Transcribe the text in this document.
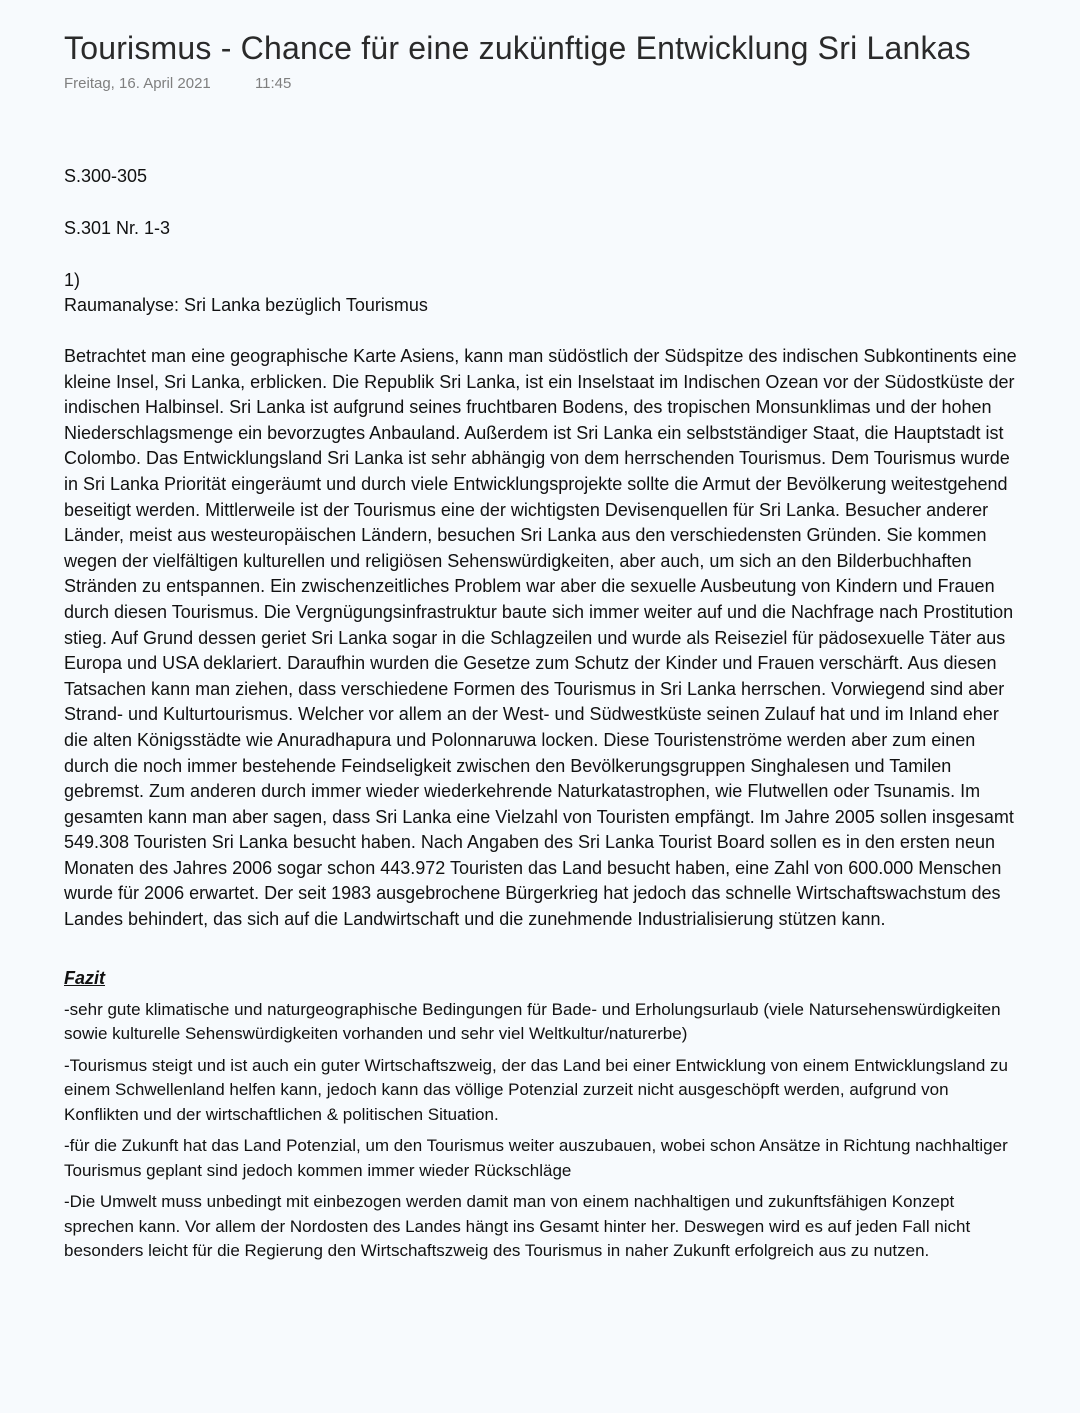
Tourismus - Chance für eine zukünftige Entwicklung Sri Lankas
Freitag, 16. April 2021	11:45

S.300-305

S.301 Nr. 1-3

1)

Raumanalyse: Sri Lanka bezüglich Tourismus

Betrachtet man eine geographische Karte Asiens, kann man südöstlich der Südspitze des indischen Subkontinents eine kleine Insel, Sri Lanka, erblicken. Die Republik Sri Lanka, ist ein Inselstaat im Indischen Ozean vor der Südostküste der indischen Halbinsel. Sri Lanka ist aufgrund seines fruchtbaren Bodens, des tropischen Monsunklimas und der hohen Niederschlagsmenge ein bevorzugtes Anbauland. Außerdem ist Sri Lanka ein selbstständiger Staat, die Hauptstadt ist Colombo. Das Entwicklungsland Sri Lanka ist sehr abhängig von dem herrschenden Tourismus. Dem Tourismus wurde in Sri Lanka Priorität eingeräumt und durch viele Entwicklungsprojekte sollte die Armut der Bevölkerung weitestgehend beseitigt werden. Mittlerweile ist der Tourismus eine der wichtigsten Devisenquellen für Sri Lanka. Besucher anderer Länder, meist aus westeuropäischen Ländern, besuchen Sri Lanka aus den verschiedensten Gründen. Sie kommen wegen der vielfältigen kulturellen und religiösen Sehenswürdigkeiten, aber auch, um sich an den Bilderbuchhaften Stränden zu entspannen. Ein zwischenzeitliches Problem war aber die sexuelle Ausbeutung von Kindern und Frauen durch diesen Tourismus. Die Vergnügungsinfrastruktur baute sich immer weiter auf und die Nachfrage nach Prostitution stieg. Auf Grund dessen geriet Sri Lanka sogar in die Schlagzeilen und wurde als Reiseziel für pädosexuelle Täter aus Europa und USA deklariert. Daraufhin wurden die Gesetze zum Schutz der Kinder und Frauen verschärft. Aus diesen Tatsachen kann man ziehen, dass verschiedene Formen des Tourismus in Sri Lanka herrschen. Vorwiegend sind aber Strand- und Kulturtourismus. Welcher vor allem an der West- und Südwestküste seinen Zulauf hat und im Inland eher die alten Königsstädte wie Anuradhapura und Polonnaruwa locken. Diese Touristenströme werden aber zum einen durch die noch immer bestehende Feindseligkeit zwischen den Bevölkerungsgruppen Singhalesen und Tamilen gebremst. Zum anderen durch immer wieder wiederkehrende Naturkatastrophen, wie Flutwellen oder Tsunamis. Im gesamten kann man aber sagen, dass Sri Lanka eine Vielzahl von Touristen empfängt. Im Jahre 2005 sollen insgesamt 549.308 Touristen Sri Lanka besucht haben. Nach Angaben des Sri Lanka Tourist Board sollen es in den ersten neun Monaten des Jahres 2006 sogar schon 443.972 Touristen das Land besucht haben, eine Zahl von 600.000 Menschen wurde für 2006 erwartet. Der seit 1983 ausgebrochene Bürgerkrieg hat jedoch das schnelle Wirtschaftswachstum des Landes behindert, das sich auf die Landwirtschaft und die zunehmende Industrialisierung stützen kann.

Fazit

-sehr gute klimatische und naturgeographische Bedingungen für Bade- und Erholungsurlaub (viele Natursehenswürdigkeiten sowie kulturelle Sehenswürdigkeiten vorhanden und sehr viel Weltkultur/naturerbe)

-Tourismus steigt und ist auch ein guter Wirtschaftszweig, der das Land bei einer Entwicklung von einem Entwicklungsland zu einem Schwellenland helfen kann, jedoch kann das völlige Potenzial zurzeit nicht ausgeschöpft werden, aufgrund von Konflikten und der wirtschaftlichen & politischen Situation.

-für die Zukunft hat das Land Potenzial, um den Tourismus weiter auszubauen, wobei schon Ansätze in Richtung nachhaltiger Tourismus geplant sind jedoch kommen immer wieder Rückschläge

-Die Umwelt muss unbedingt mit einbezogen werden damit man von einem nachhaltigen und zukunftsfähigen Konzept sprechen kann. Vor allem der Nordosten des Landes hängt ins Gesamt hinter her. Deswegen wird es auf jeden Fall nicht besonders leicht für die Regierung den Wirtschaftszweig des Tourismus in naher Zukunft erfolgreich aus zu nutzen.
